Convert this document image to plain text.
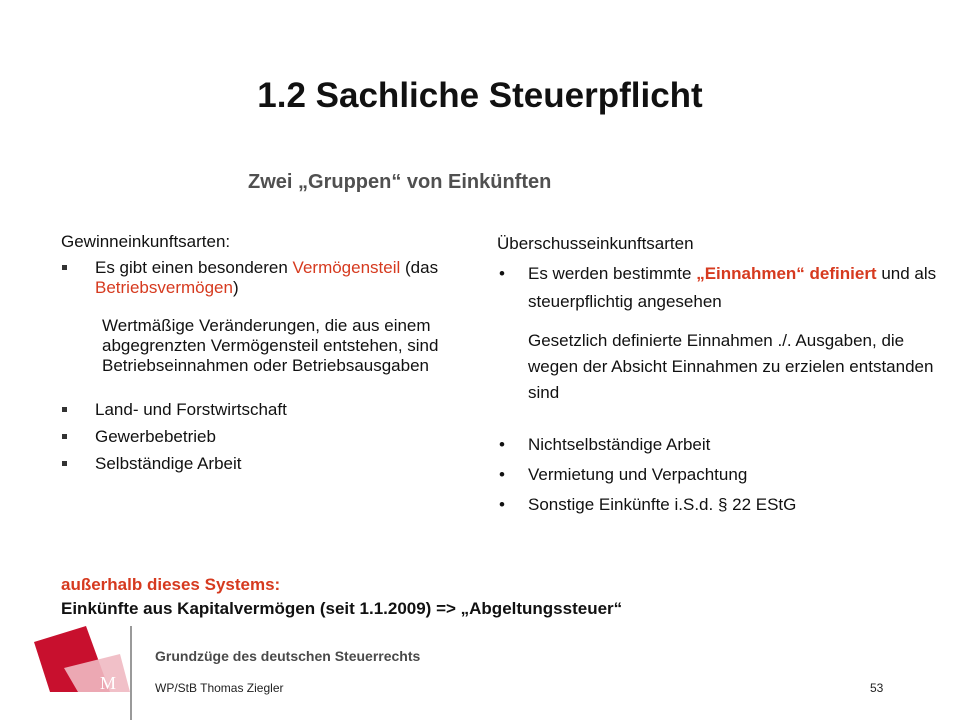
1.2 Sachliche Steuerpflicht
Zwei „Gruppen“ von Einkünften
Gewinneinkunftsarten:
Es gibt einen besonderen Vermögensteil (das Betriebsvermögen)
Wertmäßige Veränderungen, die aus einem abgegrenzten Vermögensteil entstehen, sind Betriebseinnahmen oder Betriebsausgaben
Land- und Forstwirtschaft
Gewerbebetrieb
Selbständige Arbeit
Überschusseinkunftsarten
• Es werden bestimmte „Einnahmen“ definiert und als steuerpflichtig angesehen
Gesetzlich definierte Einnahmen ./. Ausgaben, die wegen der Absicht Einnahmen zu erzielen entstanden sind
• Nichtselbständige Arbeit
• Vermietung und Verpachtung
• Sonstige Einkünfte i.S.d. § 22 EStG
außerhalb dieses Systems:
Einkünfte aus Kapitalvermögen (seit 1.1.2009) => „Abgeltungssteuer“
M
Grundzüge des deutschen Steuerrechts
WP/StB Thomas Ziegler	53
